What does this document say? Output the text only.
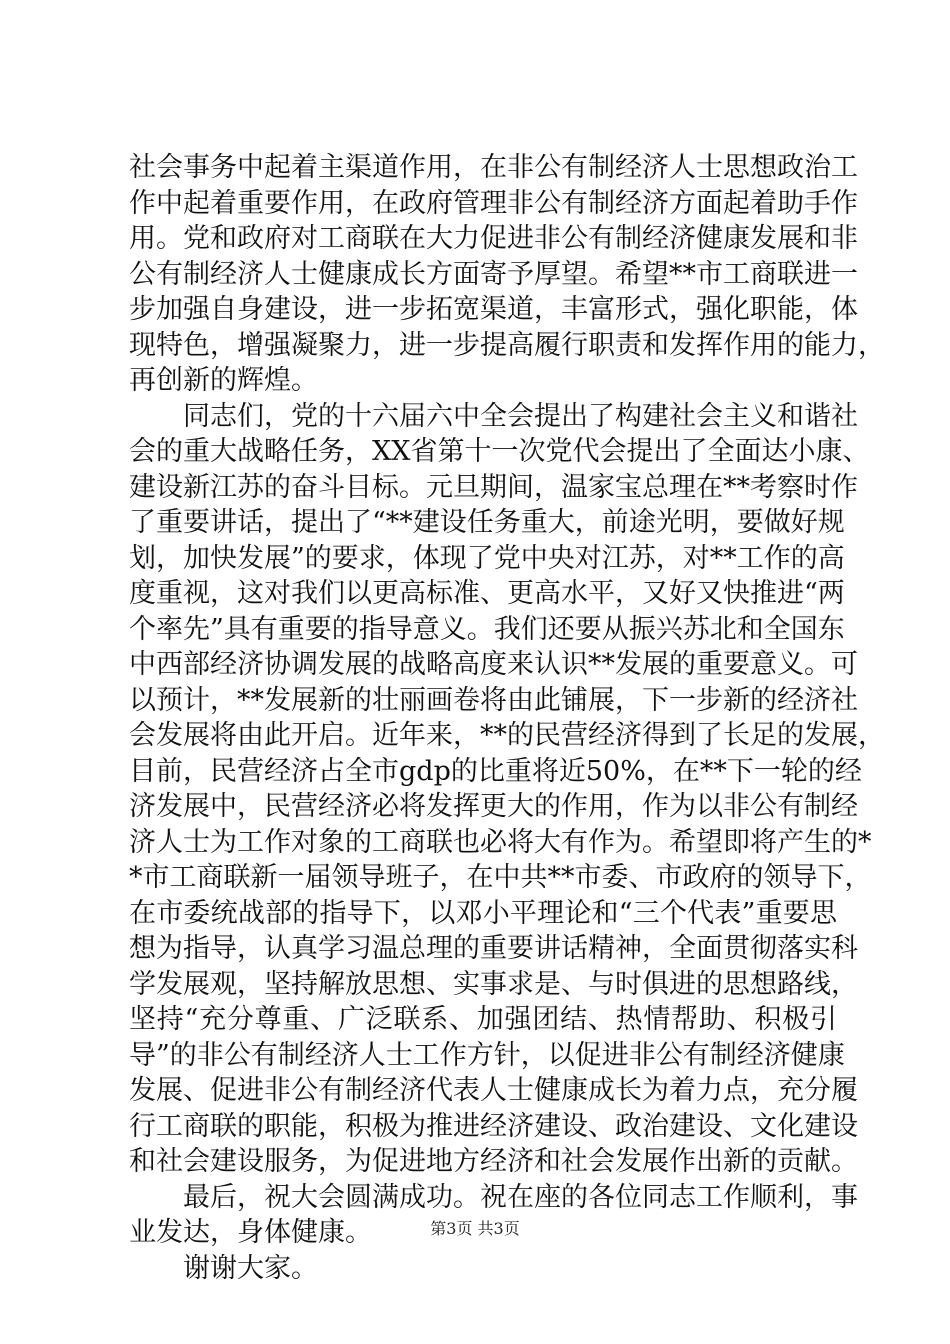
社会事务中起着主渠道作用，在非公有制经济人士思想政治工
作中起着重要作用，在政府管理非公有制经济方面起着助手作
用。党和政府对工商联在大力促进非公有制经济健康发展和非
公有制经济人士健康成长方面寄予厚望。希望**市工商联进一
步加强自身建设，进一步拓宽渠道，丰富形式，强化职能，体
现特色，增强凝聚力，进一步提高履行职责和发挥作用的能力，
再创新的辉煌。
同志们，党的十六届六中全会提出了构建社会主义和谐社
会的重大战略任务，XX省第十一次党代会提出了全面达小康、
建设新江苏的奋斗目标。元旦期间，温家宝总理在**考察时作
了重要讲话，提出了“**建设任务重大，前途光明，要做好规
划，加快发展”的要求，体现了党中央对江苏，对**工作的高
度重视，这对我们以更高标准、更高水平，又好又快推进“两
个率先”具有重要的指导意义。我们还要从振兴苏北和全国东
中西部经济协调发展的战略高度来认识**发展的重要意义。可
以预计，**发展新的壮丽画卷将由此铺展，下一步新的经济社
会发展将由此开启。近年来，**的民营经济得到了长足的发展，
目前，民营经济占全市gdp的比重将近50%，在**下一轮的经
济发展中，民营经济必将发挥更大的作用，作为以非公有制经
济人士为工作对象的工商联也必将大有作为。希望即将产生的*
*市工商联新一届领导班子，在中共**市委、市政府的领导下，
在市委统战部的指导下，以邓小平理论和“三个代表”重要思
想为指导，认真学习温总理的重要讲话精神，全面贯彻落实科
学发展观，坚持解放思想、实事求是、与时俱进的思想路线，
坚持“充分尊重、广泛联系、加强团结、热情帮助、积极引
导”的非公有制经济人士工作方针，以促进非公有制经济健康
发展、促进非公有制经济代表人士健康成长为着力点，充分履
行工商联的职能，积极为推进经济建设、政治建设、文化建设
和社会建设服务，为促进地方经济和社会发展作出新的贡献。
最后，祝大会圆满成功。祝在座的各位同志工作顺利，事
业发达，身体健康。
谢谢大家。
第3页 共3页
